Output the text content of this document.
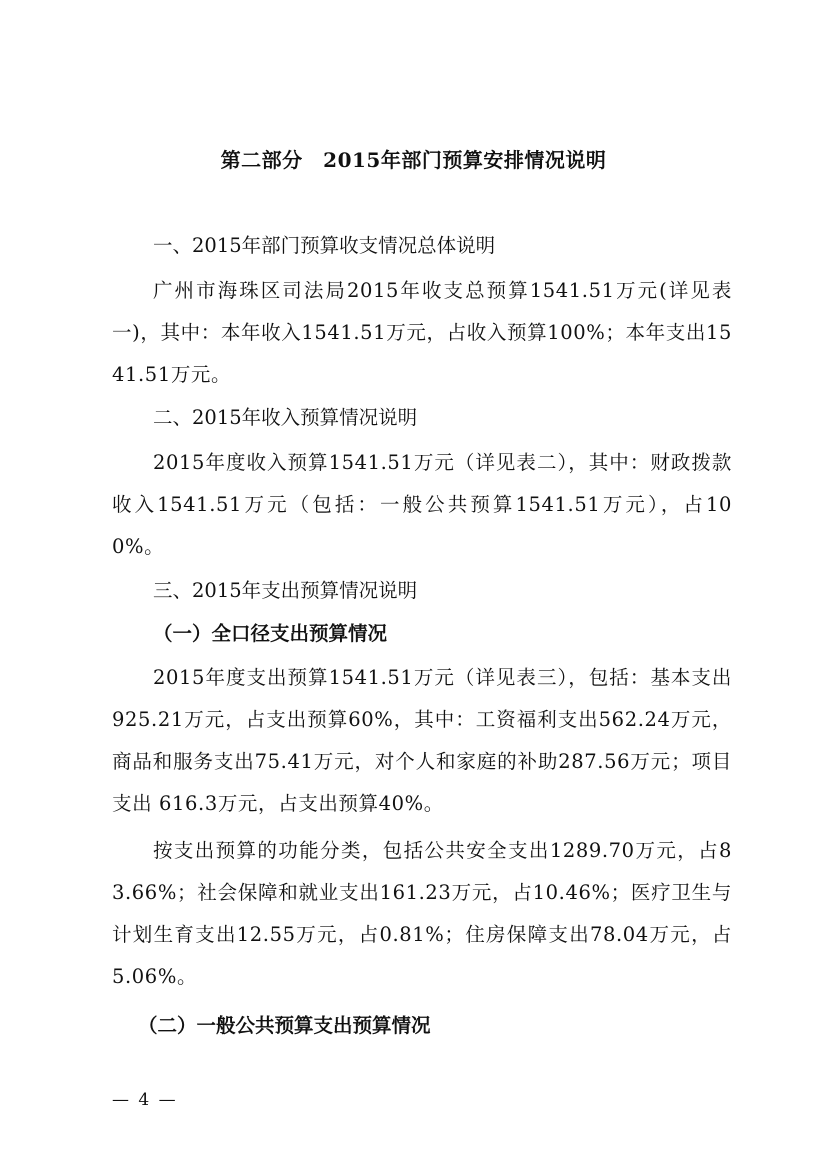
第二部分　2015年部门预算安排情况说明
一、2015年部门预算收支情况总体说明
广州市海珠区司法局2015年收支总预算1541.51万元(详见表一)，其中：本年收入1541.51万元，占收入预算100%；本年支出1541.51万元。
二、2015年收入预算情况说明
2015年度收入预算1541.51万元（详见表二），其中：财政拨款收入1541.51万元（包括：一般公共预算1541.51万元），占100%。
三、2015年支出预算情况说明
（一）全口径支出预算情况
2015年度支出预算1541.51万元（详见表三），包括：基本支出925.21万元，占支出预算60%，其中：工资福利支出562.24万元，商品和服务支出75.41万元，对个人和家庭的补助287.56万元；项目支出 616.3万元，占支出预算40%。
按支出预算的功能分类，包括公共安全支出1289.70万元，占83.66%；社会保障和就业支出161.23万元，占10.46%；医疗卫生与计划生育支出12.55万元，占0.81%；住房保障支出78.04万元，占5.06%。
（二）一般公共预算支出预算情况
— 4 —
